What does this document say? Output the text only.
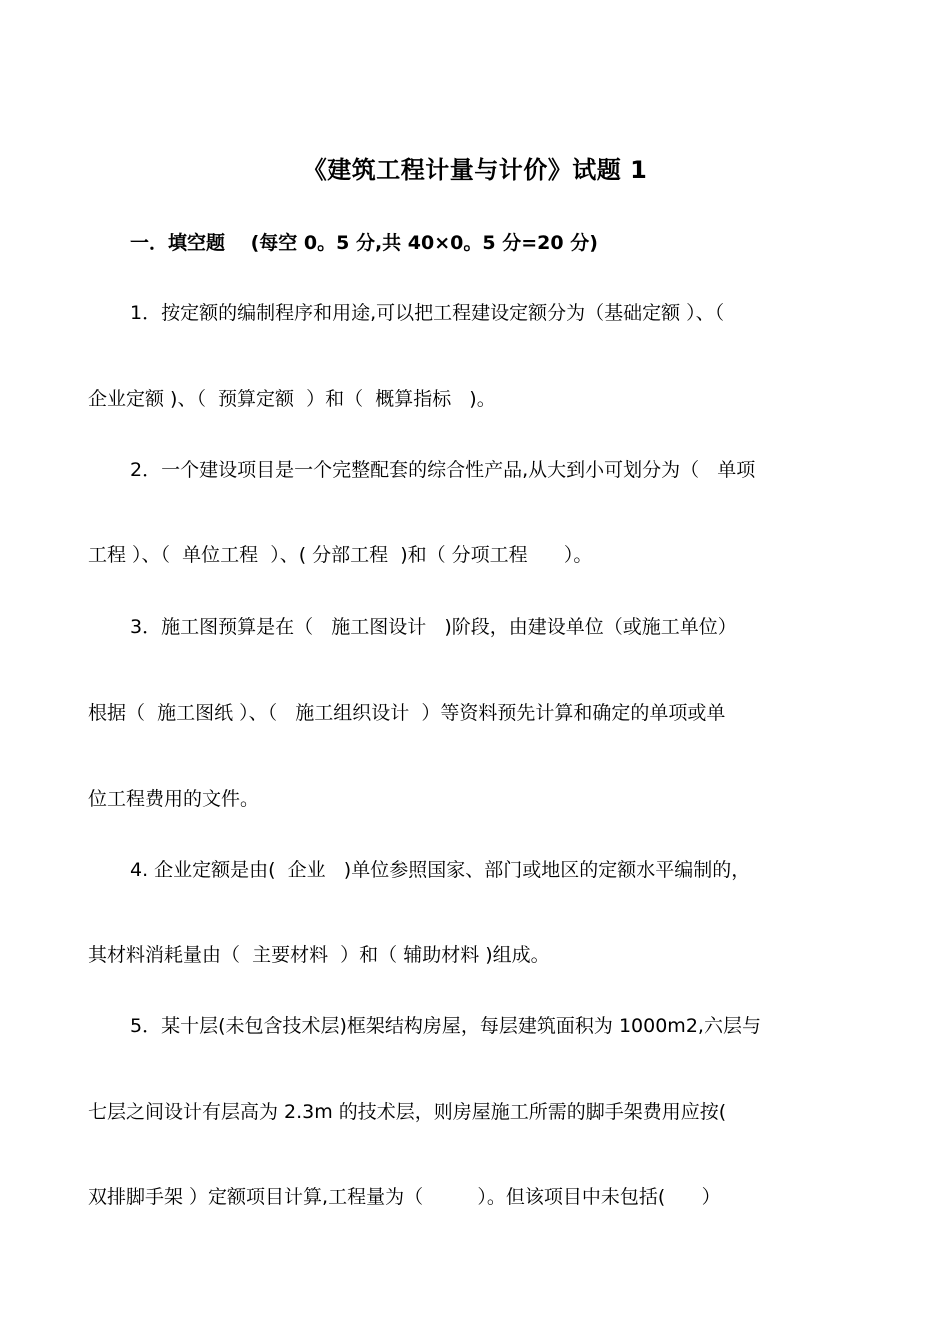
《建筑工程计量与计价》试题 1
一．填空题　 (每空 0。5 分,共 40×0。5 分=20 分)
1．按定额的编制程序和用途,可以把工程建设定额分为（基础定额 ）、（
企业定额 )、（  预算定额  ）和（  概算指标   )。
2．一个建设项目是一个完整配套的综合性产品,从大到小可划分为（   单项
工程 ）、（  单位工程  ）、( 分部工程  )和（ 分项工程      ）。
3．施工图预算是在（   施工图设计   )阶段，由建设单位（或施工单位）
根据（  施工图纸 ）、（   施工组织设计  ）等资料预先计算和确定的单项或单
位工程费用的文件。
4. 企业定额是由(  企业   )单位参照国家、部门或地区的定额水平编制的，
其材料消耗量由（  主要材料  ）和（ 辅助材料 )组成。
5．某十层(未包含技术层)框架结构房屋，每层建筑面积为 1000m2,六层与
七层之间设计有层高为 2.3m 的技术层，则房屋施工所需的脚手架费用应按(
双排脚手架 ）定额项目计算,工程量为（         ）。但该项目中未包括(      ）
